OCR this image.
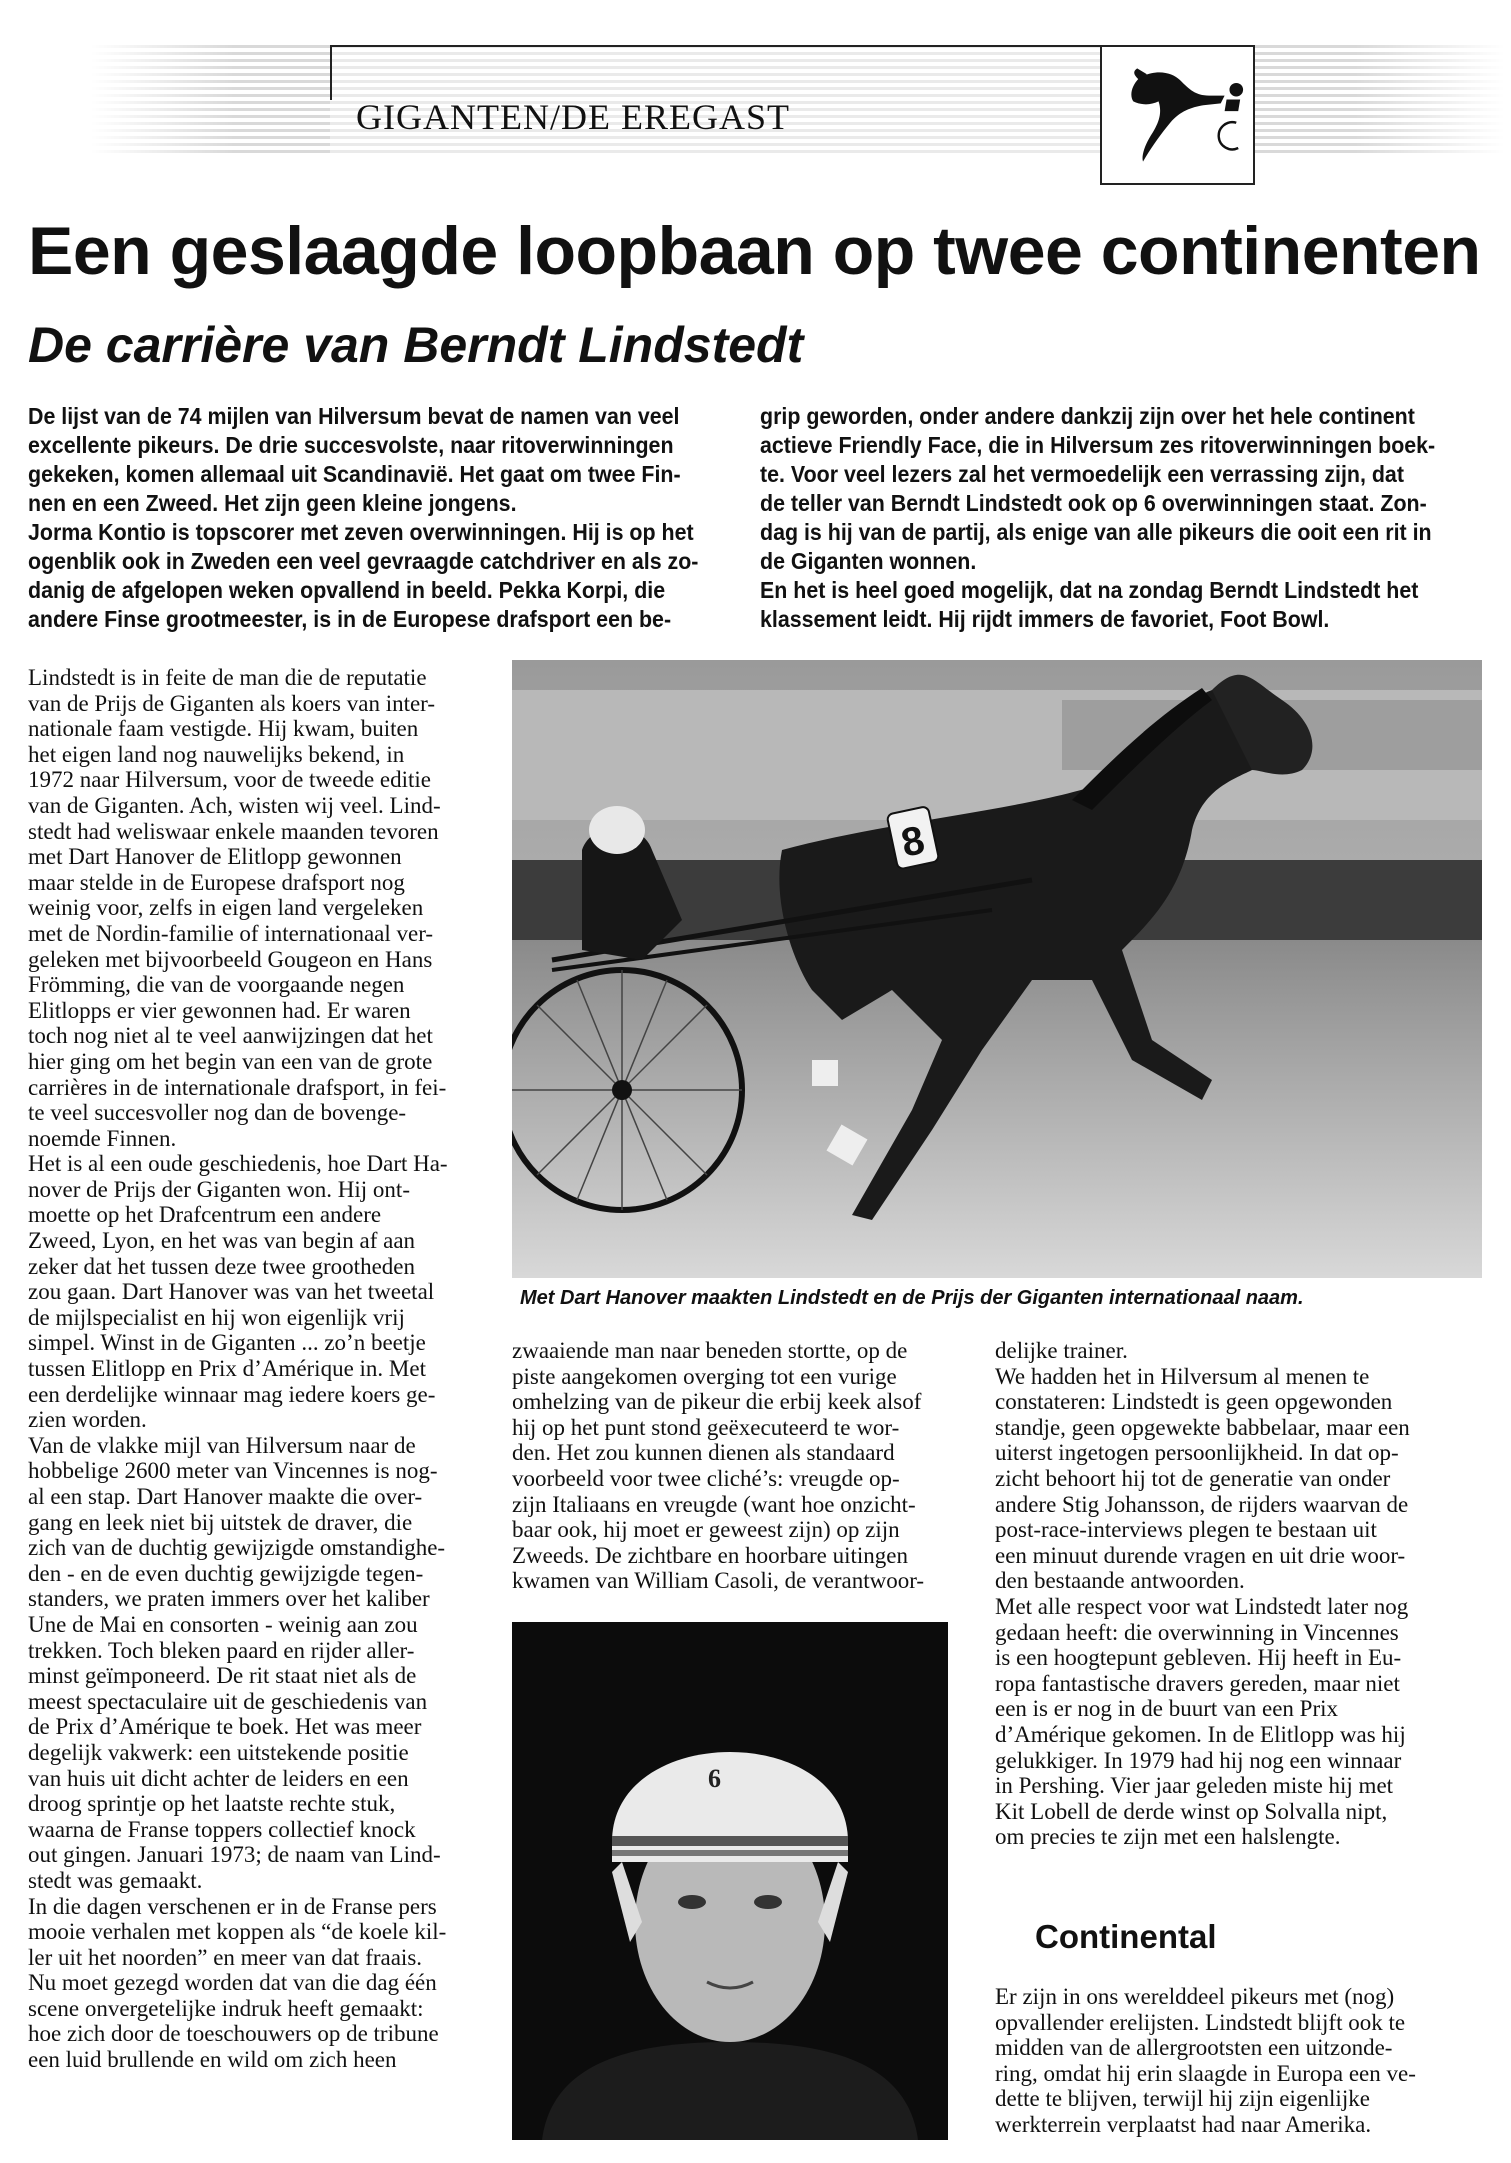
GIGANTEN/DE EREGAST
Een geslaagde loopbaan op twee continenten
De carrière van Berndt Lindstedt

De lijst van de 74 mijlen van Hilversum bevat de namen van veel
excellente pikeurs. De drie succesvolste, naar ritoverwinningen
gekeken, komen allemaal uit Scandinavië. Het gaat om twee Fin-
nen en een Zweed. Het zijn geen kleine jongens.
Jorma Kontio is topscorer met zeven overwinningen. Hij is op het
ogenblik ook in Zweden een veel gevraagde catchdriver en als zo-
danig de afgelopen weken opvallend in beeld. Pekka Korpi, die
andere Finse grootmeester, is in de Europese drafsport een be-

grip geworden, onder andere dankzij zijn over het hele continent
actieve Friendly Face, die in Hilversum zes ritoverwinningen boek-
te. Voor veel lezers zal het vermoedelijk een verrassing zijn, dat
de teller van Berndt Lindstedt ook op 6 overwinningen staat. Zon-
dag is hij van de partij, als enige van alle pikeurs die ooit een rit in
de Giganten wonnen.
En het is heel goed mogelijk, dat na zondag Berndt Lindstedt het
klassement leidt. Hij rijdt immers de favoriet, Foot Bowl.

Lindstedt is in feite de man die de reputatie
van de Prijs de Giganten als koers van inter-
nationale faam vestigde. Hij kwam, buiten
het eigen land nog nauwelijks bekend, in
1972 naar Hilversum, voor de tweede editie
van de Giganten. Ach, wisten wij veel. Lind-
stedt had weliswaar enkele maanden tevoren
met Dart Hanover de Elitlopp gewonnen
maar stelde in de Europese drafsport nog
weinig voor, zelfs in eigen land vergeleken
met de Nordin-familie of internationaal ver-
geleken met bijvoorbeeld Gougeon en Hans
Frömming, die van de voorgaande negen
Elitlopps er vier gewonnen had. Er waren
toch nog niet al te veel aanwijzingen dat het
hier ging om het begin van een van de grote
carrières in de internationale drafsport, in fei-
te veel succesvoller nog dan de bovenge-
noemde Finnen.
Het is al een oude geschiedenis, hoe Dart Ha-
nover de Prijs der Giganten won. Hij ont-
moette op het Drafcentrum een andere
Zweed, Lyon, en het was van begin af aan
zeker dat het tussen deze twee grootheden
zou gaan. Dart Hanover was van het tweetal
de mijlspecialist en hij won eigenlijk vrij
simpel. Winst in de Giganten ... zo’n beetje
tussen Elitlopp en Prix d’Amérique in. Met
een derdelijke winnaar mag iedere koers ge-
zien worden.
Van de vlakke mijl van Hilversum naar de
hobbelige 2600 meter van Vincennes is nog-
al een stap. Dart Hanover maakte die over-
gang en leek niet bij uitstek de draver, die
zich van de duchtig gewijzigde omstandighe-
den - en de even duchtig gewijzigde tegen-
standers, we praten immers over het kaliber
Une de Mai en consorten - weinig aan zou
trekken. Toch bleken paard en rijder aller-
minst geïmponeerd. De rit staat niet als de
meest spectaculaire uit de geschiedenis van
de Prix d’Amérique te boek. Het was meer
degelijk vakwerk: een uitstekende positie
van huis uit dicht achter de leiders en een
droog sprintje op het laatste rechte stuk,
waarna de Franse toppers collectief knock
out gingen. Januari 1973; de naam van Lind-
stedt was gemaakt.
In die dagen verschenen er in de Franse pers
mooie verhalen met koppen als “de koele kil-
ler uit het noorden” en meer van dat fraais.
Nu moet gezegd worden dat van die dag één
scene onvergetelijke indruk heeft gemaakt:
hoe zich door de toeschouwers op de tribune
een luid brullende en wild om zich heen

8
Met Dart Hanover maakten Lindstedt en de Prijs der Giganten internationaal naam.

zwaaiende man naar beneden stortte, op de
piste aangekomen overging tot een vurige
omhelzing van de pikeur die erbij keek alsof
hij op het punt stond geëxecuteerd te wor-
den. Het zou kunnen dienen als standaard
voorbeeld voor twee cliché’s: vreugde op-
zijn Italiaans en vreugde (want hoe onzicht-
baar ook, hij moet er geweest zijn) op zijn
Zweeds. De zichtbare en hoorbare uitingen
kwamen van William Casoli, de verantwoor-

6

delijke trainer.
We hadden het in Hilversum al menen te
constateren: Lindstedt is geen opgewonden
standje, geen opgewekte babbelaar, maar een
uiterst ingetogen persoonlijkheid. In dat op-
zicht behoort hij tot de generatie van onder
andere Stig Johansson, de rijders waarvan de
post-race-interviews plegen te bestaan uit
een minuut durende vragen en uit drie woor-
den bestaande antwoorden.
Met alle respect voor wat Lindstedt later nog
gedaan heeft: die overwinning in Vincennes
is een hoogtepunt gebleven. Hij heeft in Eu-
ropa fantastische dravers gereden, maar niet
een is er nog in de buurt van een Prix
d’Amérique gekomen. In de Elitlopp was hij
gelukkiger. In 1979 had hij nog een winnaar
in Pershing. Vier jaar geleden miste hij met
Kit Lobell de derde winst op Solvalla nipt,
om precies te zijn met een halslengte.

Continental

Er zijn in ons werelddeel pikeurs met (nog)
opvallender erelijsten. Lindstedt blijft ook te
midden van de allergrootsten een uitzonde-
ring, omdat hij erin slaagde in Europa een ve-
dette te blijven, terwijl hij zijn eigenlijke
werkterrein verplaatst had naar Amerika.
